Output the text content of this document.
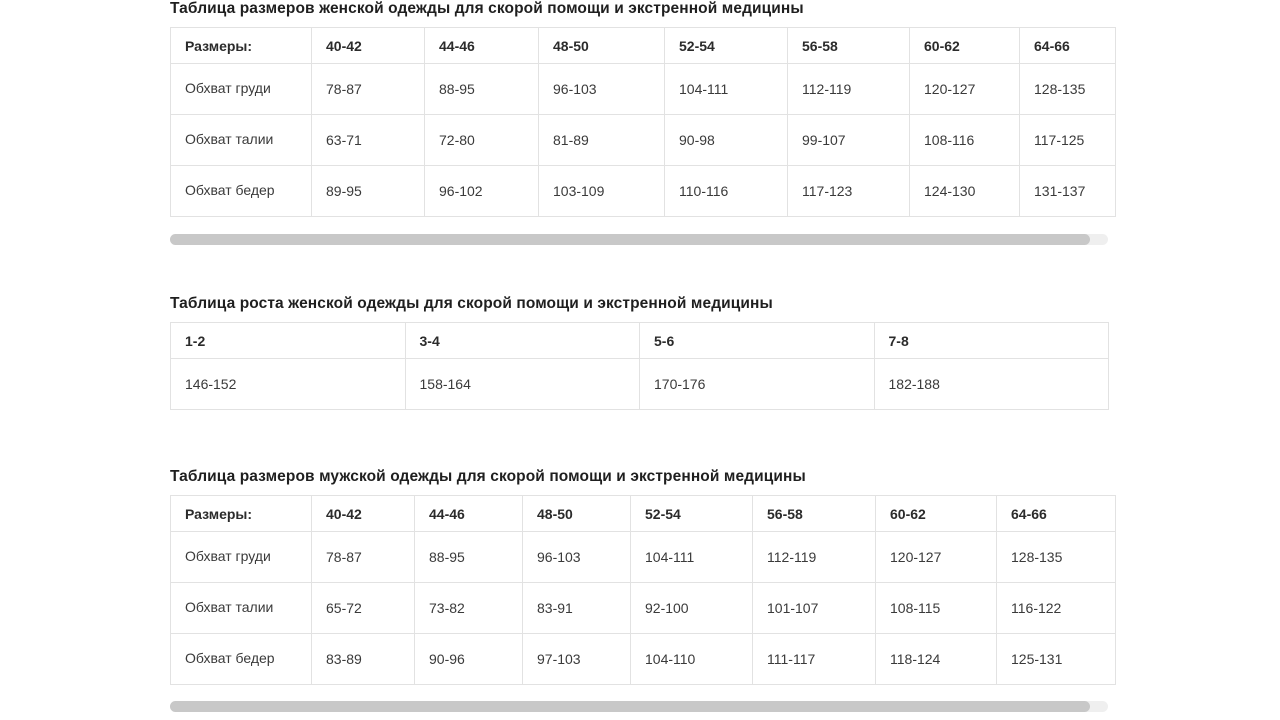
Таблица размеров женской одежды для скорой помощи и экстренной медицины
Размеры:	40-42	44-46	48-50	52-54	56-58	60-62	64-66
Обхват груди	78-87	88-95	96-103	104-111	112-119	120-127	128-135
Обхват талии	63-71	72-80	81-89	90-98	99-107	108-116	117-125
Обхват бедер	89-95	96-102	103-109	110-116	117-123	124-130	131-137
Таблица роста женской одежды для скорой помощи и экстренной медицины
1-2	3-4	5-6	7-8
146-152	158-164	170-176	182-188
Таблица размеров мужской одежды для скорой помощи и экстренной медицины
Размеры:	40-42	44-46	48-50	52-54	56-58	60-62	64-66
Обхват груди	78-87	88-95	96-103	104-111	112-119	120-127	128-135
Обхват талии	65-72	73-82	83-91	92-100	101-107	108-115	116-122
Обхват бедер	83-89	90-96	97-103	104-110	111-117	118-124	125-131
